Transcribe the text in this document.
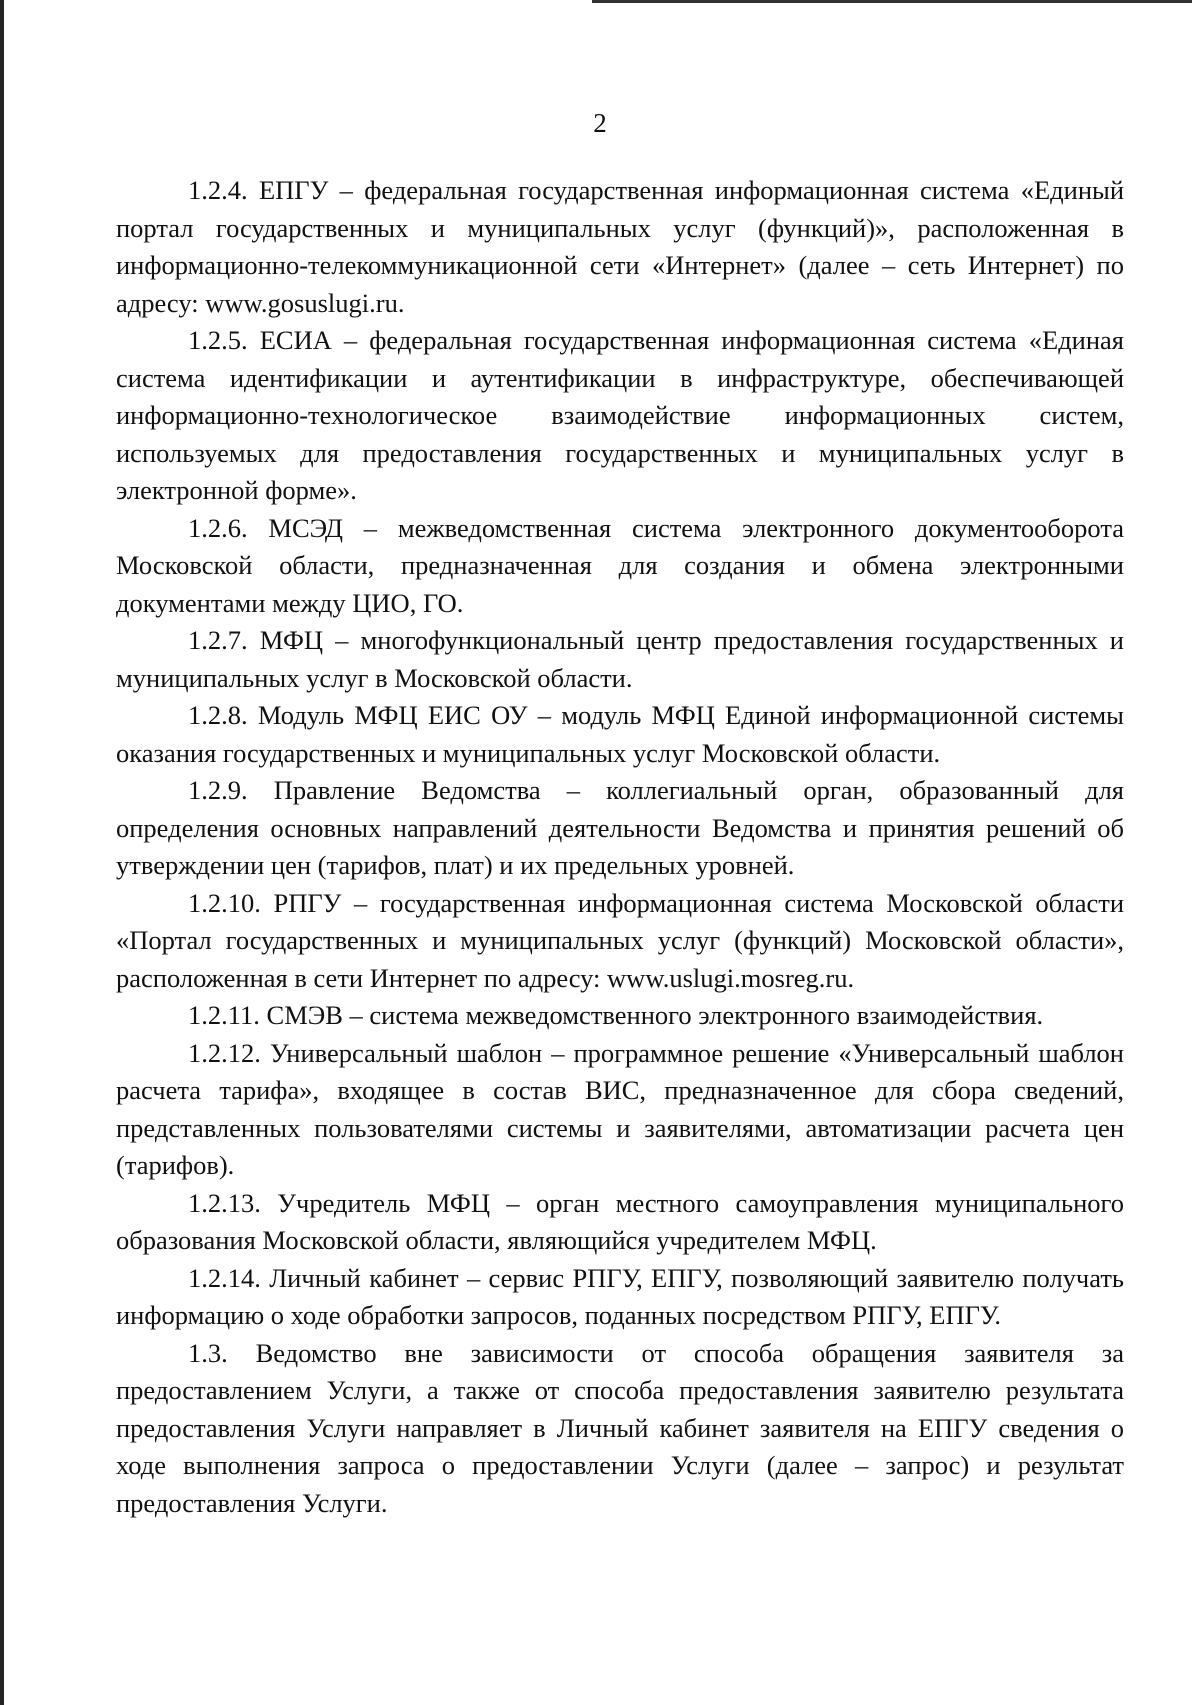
2

1.2.4. ЕПГУ – федеральная государственная информационная система «Единый портал государственных и муниципальных услуг (функций)», расположенная в информационно-телекоммуникационной сети «Интернет» (далее – сеть Интернет) по адресу: www.gosuslugi.ru.

1.2.5. ЕСИА – федеральная государственная информационная система «Единая система идентификации и аутентификации в инфраструктуре, обеспечивающей информационно-технологическое взаимодействие информационных систем, используемых для предоставления государственных и муниципальных услуг в электронной форме».

1.2.6. МСЭД – межведомственная система электронного документооборота Московской области, предназначенная для создания и обмена электронными документами между ЦИО, ГО.

1.2.7. МФЦ – многофункциональный центр предоставления государственных и муниципальных услуг в Московской области.

1.2.8. Модуль МФЦ ЕИС ОУ – модуль МФЦ Единой информационной системы оказания государственных и муниципальных услуг Московской области.

1.2.9. Правление Ведомства – коллегиальный орган, образованный для определения основных направлений деятельности Ведомства и принятия решений об утверждении цен (тарифов, плат) и их предельных уровней.

1.2.10. РПГУ – государственная информационная система Московской области «Портал государственных и муниципальных услуг (функций) Московской области», расположенная в сети Интернет по адресу: www.uslugi.mosreg.ru.

1.2.11. СМЭВ – система межведомственного электронного взаимодействия.

1.2.12. Универсальный шаблон – программное решение «Универсальный шаблон расчета тарифа», входящее в состав ВИС, предназначенное для сбора сведений, представленных пользователями системы и заявителями, автоматизации расчета цен (тарифов).

1.2.13. Учредитель МФЦ – орган местного самоуправления муниципального образования Московской области, являющийся учредителем МФЦ.

1.2.14. Личный кабинет – сервис РПГУ, ЕПГУ, позволяющий заявителю получать информацию о ходе обработки запросов, поданных посредством РПГУ, ЕПГУ.

1.3. Ведомство вне зависимости от способа обращения заявителя за предоставлением Услуги, а также от способа предоставления заявителю результата предоставления Услуги направляет в Личный кабинет заявителя на ЕПГУ сведения о ходе выполнения запроса о предоставлении Услуги (далее – запрос) и результат предоставления Услуги.
